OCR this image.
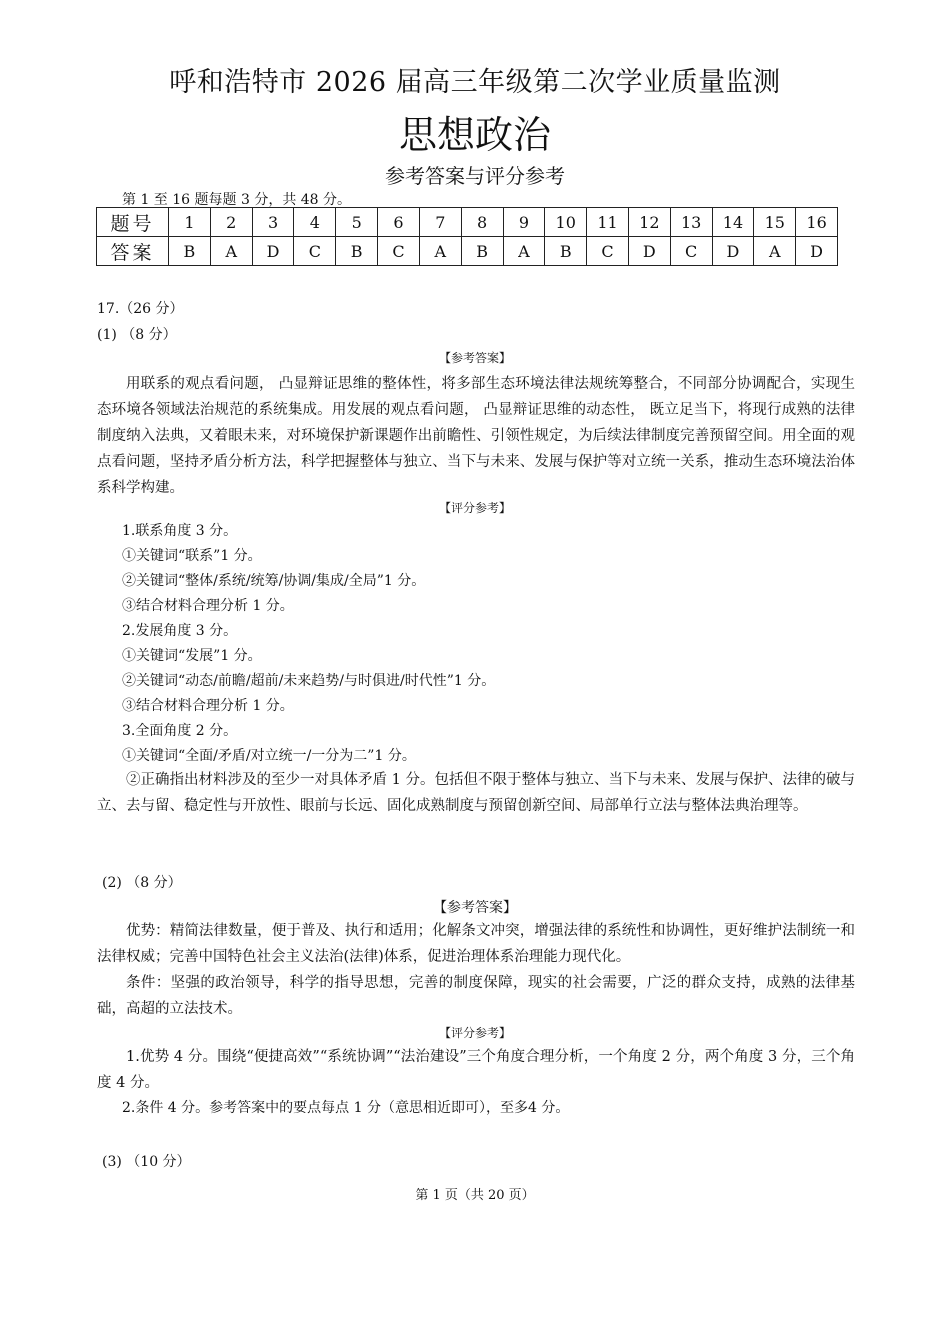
呼和浩特市 2026 届高三年级第二次学业质量监测
思想政治
参考答案与评分参考
第 1 至 16 题每题 3 分，共 48 分。
题号	1	2	3	4	5	6	7	8	9	10	11	12	13	14	15	16
答案	B	A	D	C	B	C	A	B	A	B	C	D	C	D	A	D
17.（26 分）
(1) （8 分）
【参考答案】

用联系的观点看问题， 凸显辩证思维的整体性，将多部生态环境法律法规统筹整合，不同部分协调配合，实现生态环境各领域法治规范的系统集成。用发展的观点看问题， 凸显辩证思维的动态性， 既立足当下，将现行成熟的法律制度纳入法典，又着眼未来，对环境保护新课题作出前瞻性、引领性规定，为后续法律制度完善预留空间。用全面的观点看问题，坚持矛盾分析方法，科学把握整体与独立、当下与未来、发展与保护等对立统一关系，推动生态环境法治体系科学构建。

【评分参考】
1.联系角度 3 分。
①关键词“联系”1 分。
②关键词“整体/系统/统筹/协调/集成/全局”1 分。
③结合材料合理分析 1 分。
2.发展角度 3 分。
①关键词“发展”1 分。
②关键词“动态/前瞻/超前/未来趋势/与时俱进/时代性”1 分。
③结合材料合理分析 1 分。
3.全面角度 2 分。
①关键词“全面/矛盾/对立统一/一分为二”1 分。

②正确指出材料涉及的至少一对具体矛盾 1 分。包括但不限于整体与独立、当下与未来、发展与保护、法律的破与立、去与留、稳定性与开放性、眼前与长远、固化成熟制度与预留创新空间、局部单行立法与整体法典治理等。

(2) （8 分）
【参考答案】

优势：精简法律数量，便于普及、执行和适用；化解条文冲突，增强法律的系统性和协调性，更好维护法制统一和法律权威；完善中国特色社会主义法治(法律)体系，促进治理体系治理能力现代化。

条件：坚强的政治领导，科学的指导思想，完善的制度保障，现实的社会需要，广泛的群众支持，成熟的法律基础，高超的立法技术。

【评分参考】

1.优势 4 分。围绕“便捷高效”“系统协调”“法治建设”三个角度合理分析，一个角度 2 分，两个角度 3 分，三个角度 4 分。

2.条件 4 分。参考答案中的要点每点 1 分（意思相近即可），至多4 分。
(3) （10 分）
第 1 页（共 20 页）
